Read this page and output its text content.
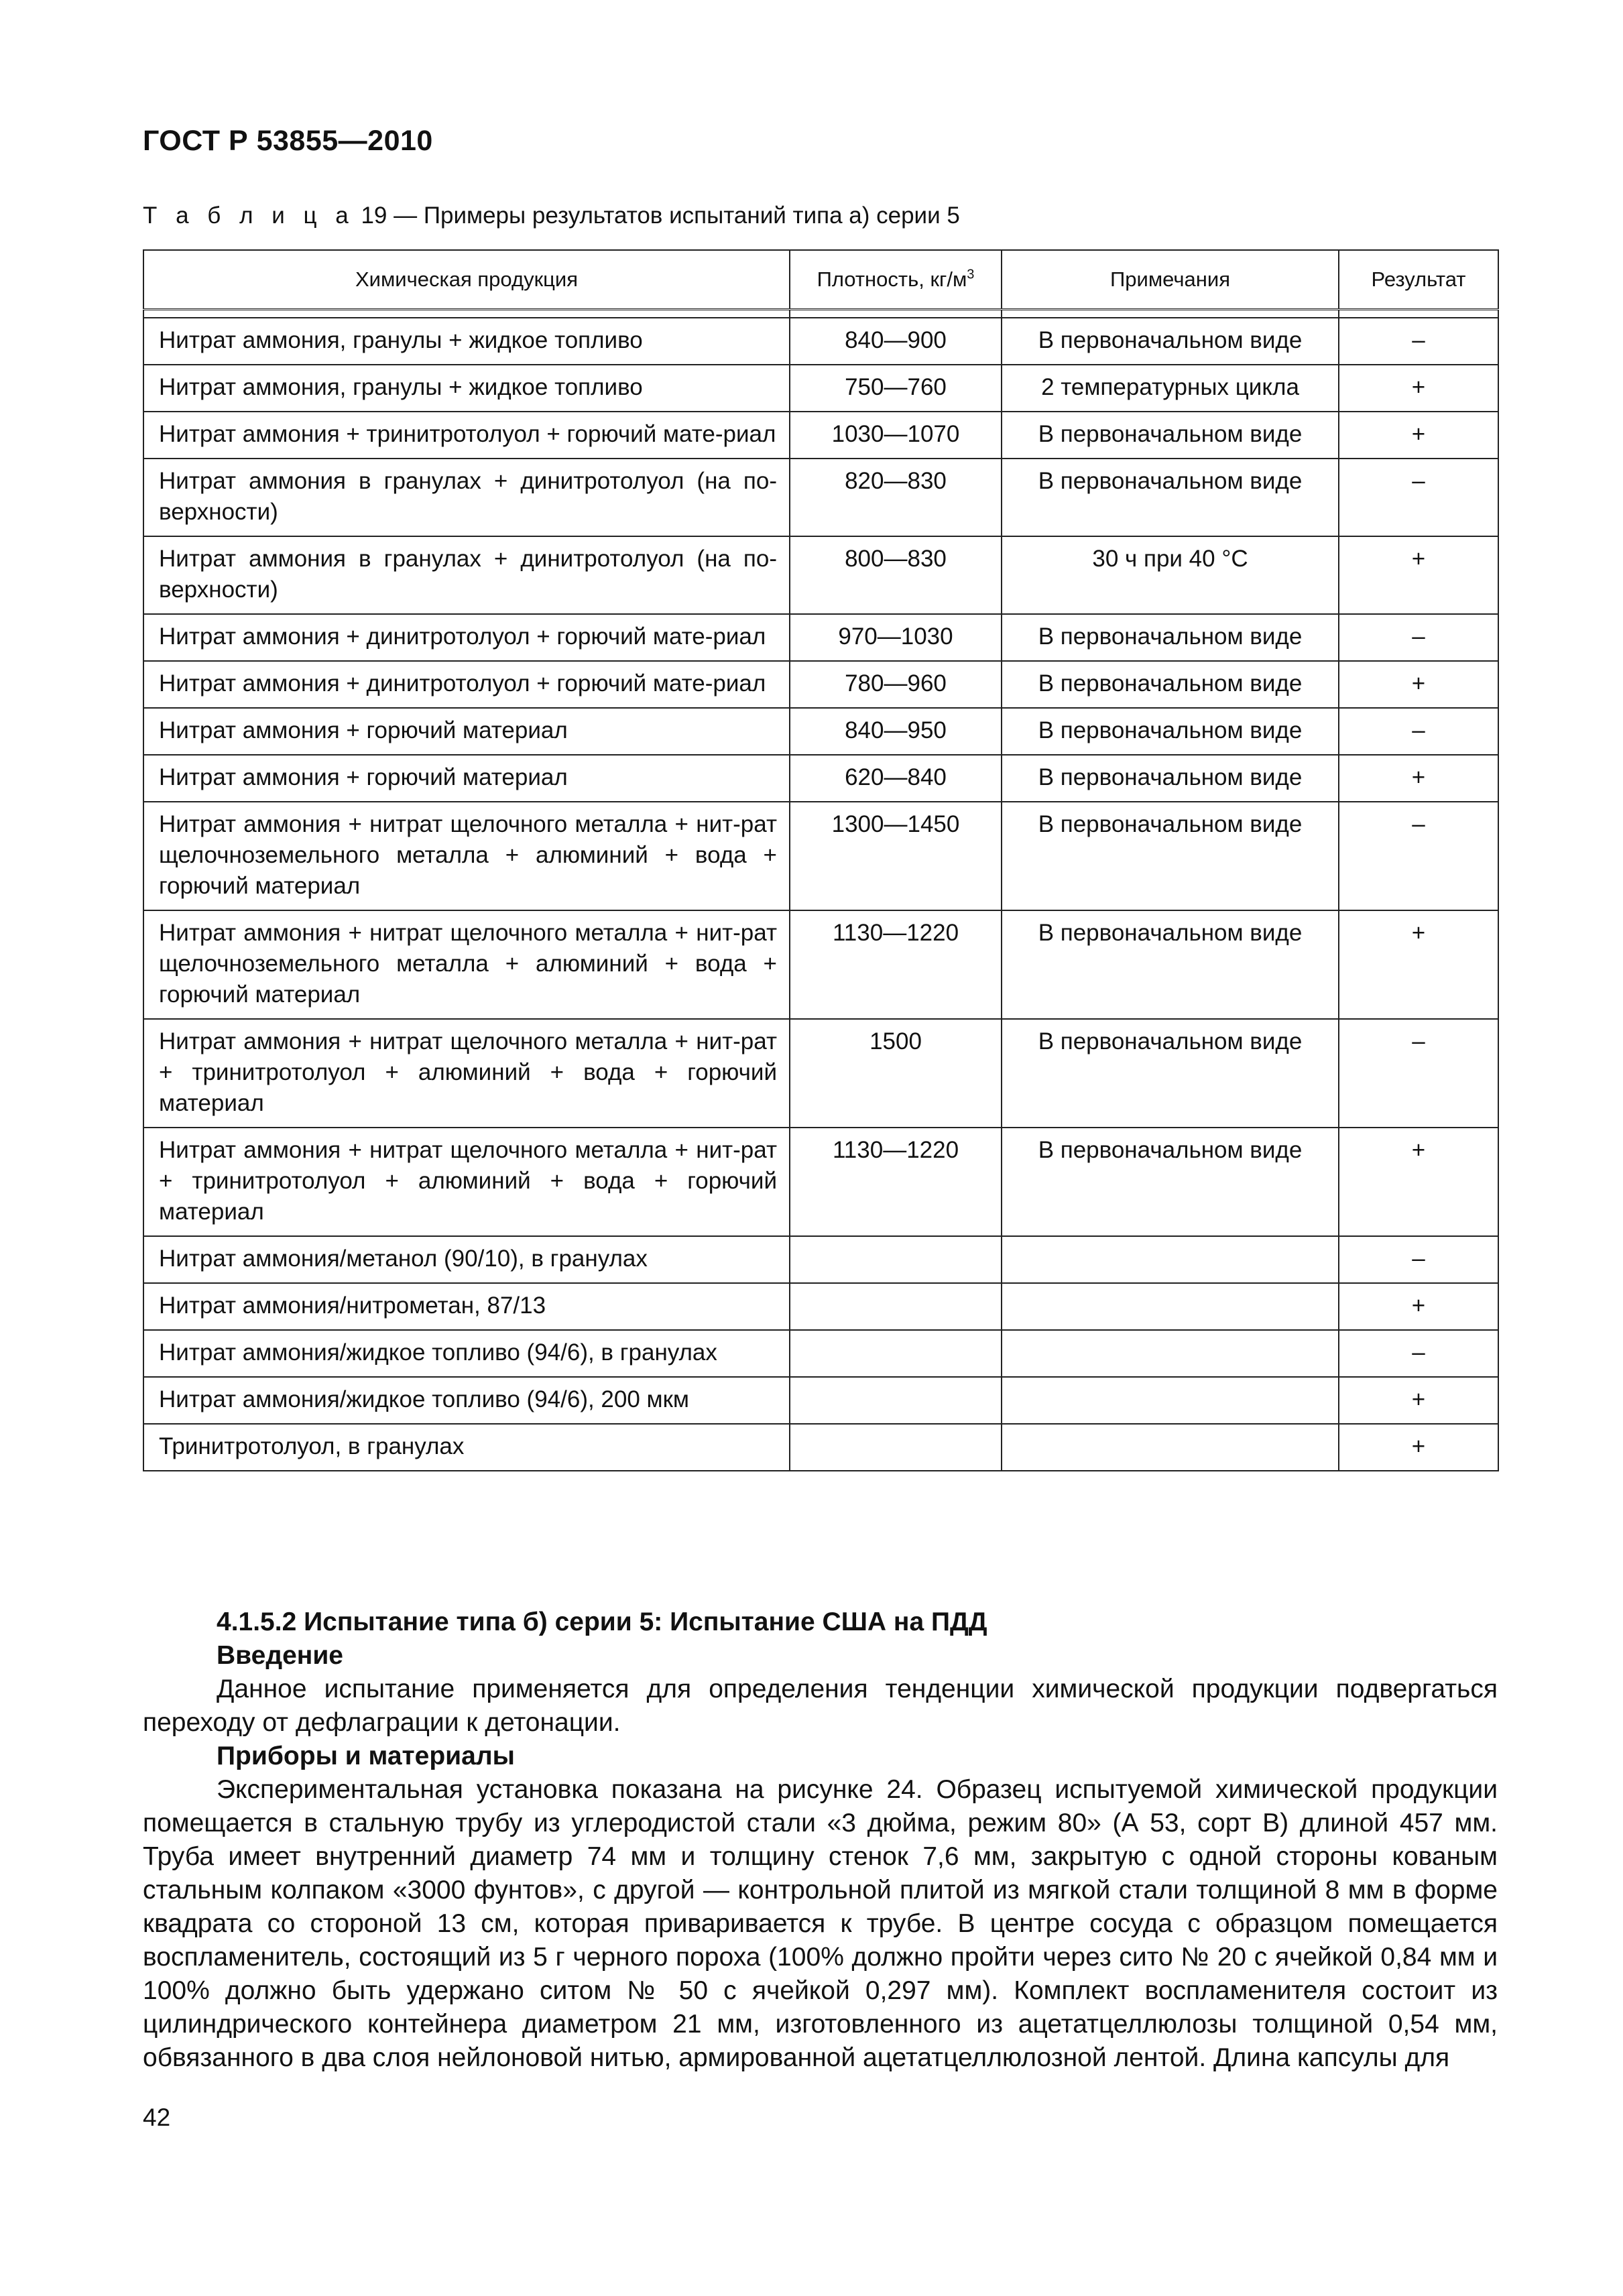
ГОСТ Р 53855—2010
Т а б л и ц а 19 — Примеры результатов испытаний типа а) серии 5
Химическая продукция	Плотность, $кг/м^3$	Примечания	Результат

Нитрат аммония, гранулы + жидкое топливо	840—900	В первоначальном виде	–
Нитрат аммония, гранулы + жидкое топливо	750—760	2 температурных цикла	+
Нитрат аммония + тринитротолуол + горючий мате-риал	1030—1070	В первоначальном виде	+
Нитрат аммония в гранулах + динитротолуол (на по-верхности)	820—830	В первоначальном виде	–
Нитрат аммония в гранулах + динитротолуол (на по-верхности)	800—830	30 ч при 40 °C	+
Нитрат аммония + динитротолуол + горючий мате-риал	970—1030	В первоначальном виде	–
Нитрат аммония + динитротолуол + горючий мате-риал	780—960	В первоначальном виде	+
Нитрат аммония + горючий материал	840—950	В первоначальном виде	–
Нитрат аммония + горючий материал	620—840	В первоначальном виде	+
Нитрат аммония + нитрат щелочного металла + нит-рат щелочноземельного металла + алюминий + вода + горючий материал	1300—1450	В первоначальном виде	–
Нитрат аммония + нитрат щелочного металла + нит-рат щелочноземельного металла + алюминий + вода + горючий материал	1130—1220	В первоначальном виде	+
Нитрат аммония + нитрат щелочного металла + нит-рат + тринитротолуол + алюминий + вода + горючий материал	1500	В первоначальном виде	–
Нитрат аммония + нитрат щелочного металла + нит-рат + тринитротолуол + алюминий + вода + горючий материал	1130—1220	В первоначальном виде	+
Нитрат аммония/метанол (90/10), в гранулах			–
Нитрат аммония/нитрометан, 87/13			+
Нитрат аммония/жидкое топливо (94/6), в гранулах			–
Нитрат аммония/жидкое топливо (94/6), 200 мкм			+
Тринитротолуол, в гранулах			+
4.1.5.2 Испытание типа б) серии 5: Испытание США на ПДД
Введение

Данное испытание применяется для определения тенденции химической продукции подвергаться переходу от дефлаграции к детонации.

Приборы и материалы

Экспериментальная установка показана на рисунке 24. Образец испытуемой химической продукции помещается в стальную трубу из углеродистой стали «3 дюйма, режим 80» (А 53, сорт В) длиной 457 мм. Труба имеет внутренний диаметр 74 мм и толщину стенок 7,6 мм, закрытую с одной стороны кованым стальным колпаком «3000 фунтов», с другой — контрольной плитой из мягкой стали толщиной 8 мм в форме квадрата со стороной 13 см, которая приваривается к трубе. В центре сосуда с образцом помещается воспламенитель, состоящий из 5 г черного пороха (100% должно пройти через сито № 20 с ячейкой 0,84 мм и 100% должно быть удержано ситом № 50 с ячейкой 0,297 мм). Комплект воспламенителя состоит из цилиндрического контейнера диаметром 21 мм, изготовленного из ацетатцеллюлозы толщиной 0,54 мм, обвязанного в два слоя нейлоновой нитью, армированной ацетатцеллюлозной лентой. Длина капсулы для

42
